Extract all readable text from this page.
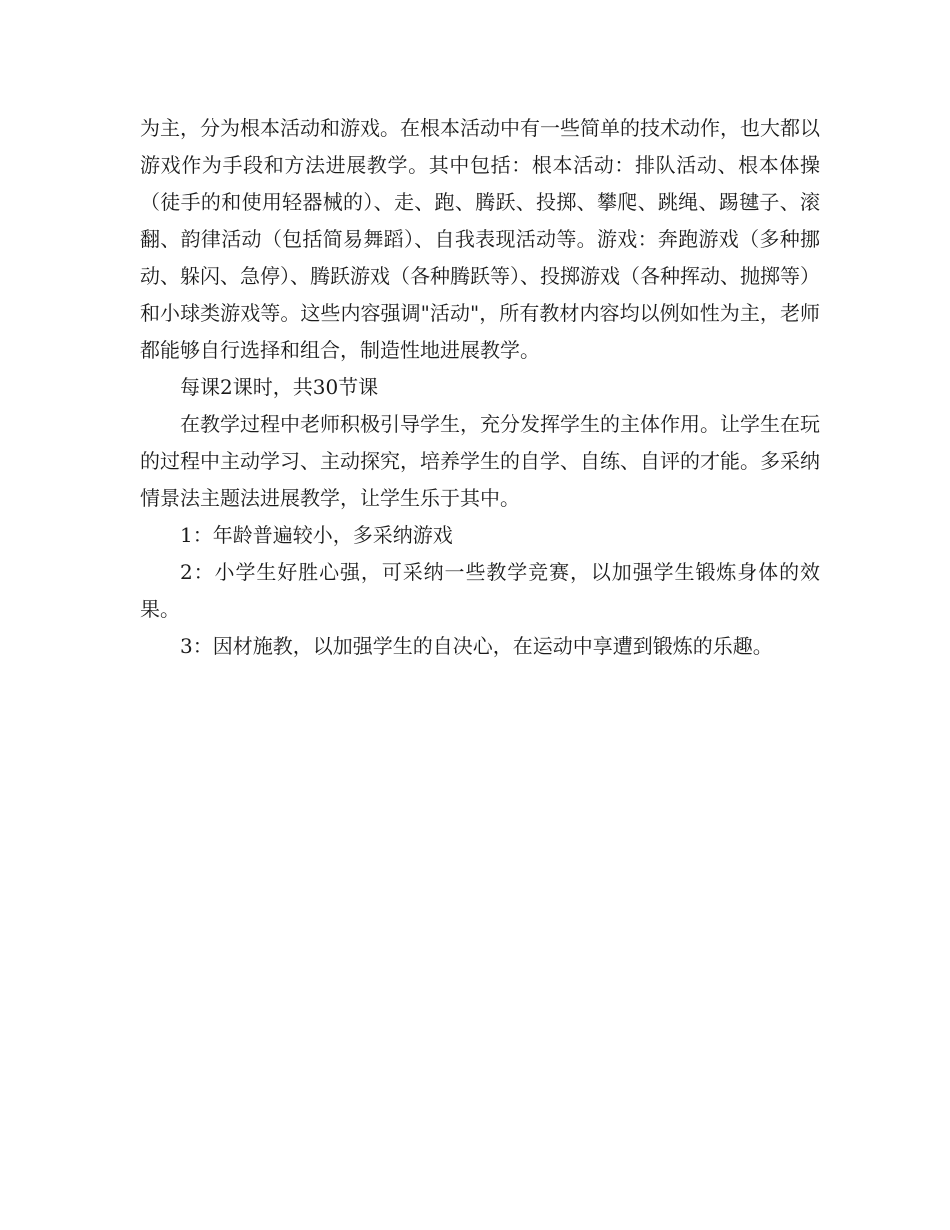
为主，分为根本活动和游戏。在根本活动中有一些简单的技术动作，也大都以游戏作为手段和方法进展教学。其中包括：根本活动：排队活动、根本体操（徒手的和使用轻器械的）、走、跑、腾跃、投掷、攀爬、跳绳、踢毽子、滚翻、韵律活动（包括简易舞蹈）、自我表现活动等。游戏：奔跑游戏（多种挪动、躲闪、急停）、腾跃游戏（各种腾跃等）、投掷游戏（各种挥动、抛掷等）和小球类游戏等。这些内容强调"活动"，所有教材内容均以例如性为主，老师都能够自行选择和组合，制造性地进展教学。

每课2课时，共30节课

在教学过程中老师积极引导学生，充分发挥学生的主体作用。让学生在玩的过程中主动学习、主动探究，培养学生的自学、自练、自评的才能。多采纳情景法主题法进展教学，让学生乐于其中。

1：年龄普遍较小，多采纳游戏

2：小学生好胜心强，可采纳一些教学竞赛，以加强学生锻炼身体的效果。

3：因材施教，以加强学生的自决心，在运动中享遭到锻炼的乐趣。
